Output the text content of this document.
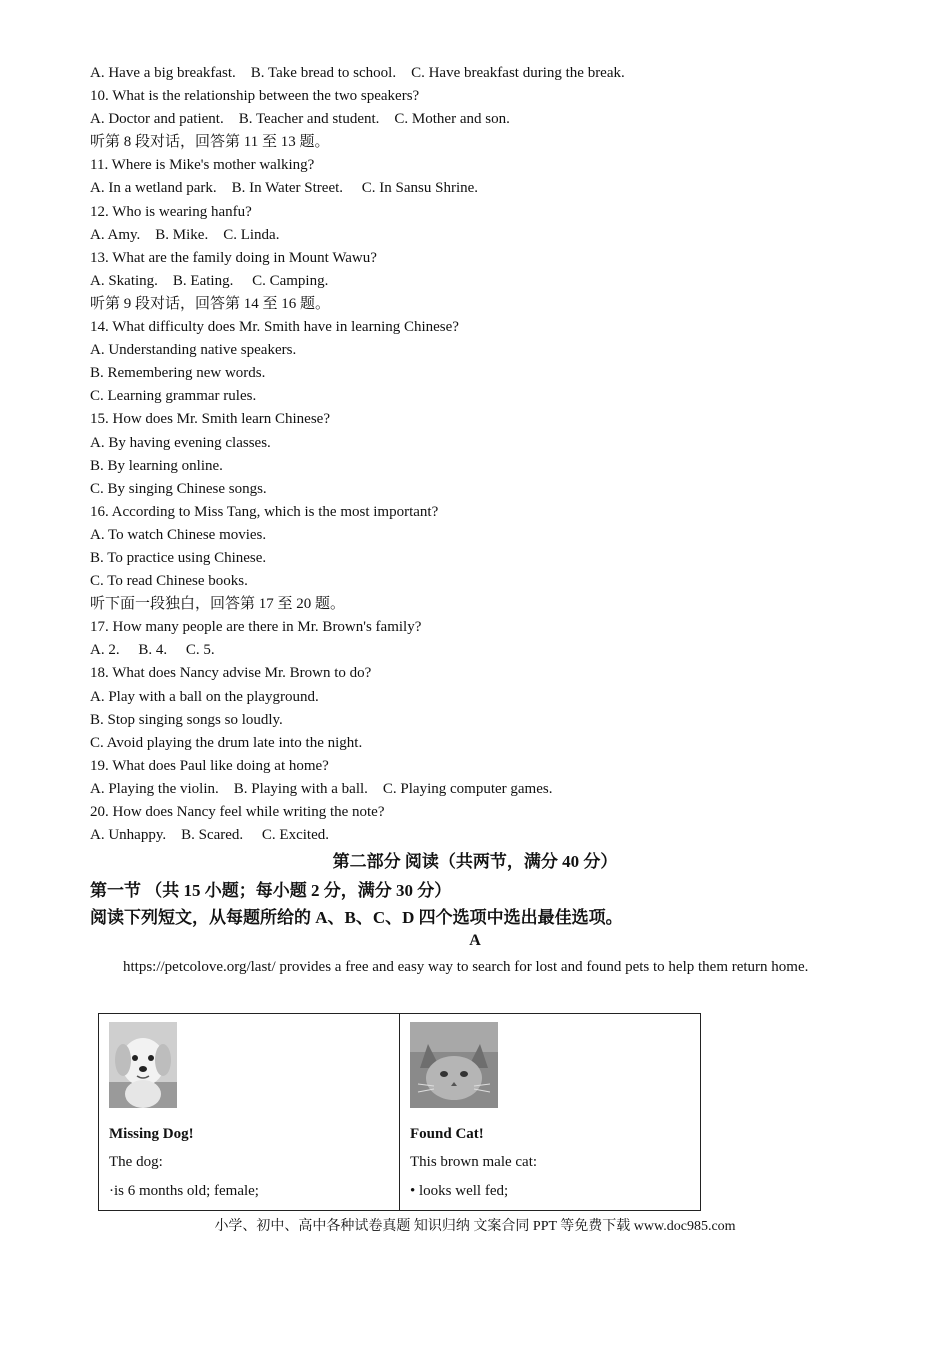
A. Have a big breakfast.    B. Take bread to school.    C. Have breakfast during the break.
10. What is the relationship between the two speakers?
A. Doctor and patient.    B. Teacher and student.    C. Mother and son.
听第 8 段对话，回答第 11 至 13 题。
11. Where is Mike's mother walking?
A. In a wetland park.    B. In Water Street.     C. In Sansu Shrine.
12. Who is wearing hanfu?
A. Amy.    B. Mike.    C. Linda.
13. What are the family doing in Mount Wawu?
A. Skating.    B. Eating.     C. Camping.
听第 9 段对话，回答第 14 至 16 题。
14. What difficulty does Mr. Smith have in learning Chinese?
A. Understanding native speakers.
B. Remembering new words.
C. Learning grammar rules.
15. How does Mr. Smith learn Chinese?
A. By having evening classes.
B. By learning online.
C. By singing Chinese songs.
16. According to Miss Tang, which is the most important?
A. To watch Chinese movies.
B. To practice using Chinese.
C. To read Chinese books.
听下面一段独白，回答第 17 至 20 题。
17. How many people are there in Mr. Brown's family?
A. 2.     B. 4.     C. 5.
18. What does Nancy advise Mr. Brown to do?
A. Play with a ball on the playground.
B. Stop singing songs so loudly.
C. Avoid playing the drum late into the night.
19. What does Paul like doing at home?
A. Playing the violin.    B. Playing with a ball.    C. Playing computer games.
20. How does Nancy feel while writing the note?
A. Unhappy.    B. Scared.     C. Excited.
第二部分 阅读（共两节，满分 40 分）
第一节 （共 15 小题；每小题 2 分，满分 30 分）
阅读下列短文，从每题所给的 A、B、C、D 四个选项中选出最佳选项。
A
https://petcolove.org/last/ provides a free and easy way to search for lost and found pets to help them return home.
Missing Dog!
The dog:
·is 6 months old; female;
Found Cat!
This brown male cat:
• looks well fed;
小学、初中、高中各种试卷真题 知识归纳 文案合同 PPT 等免费下载 www.doc985.com
